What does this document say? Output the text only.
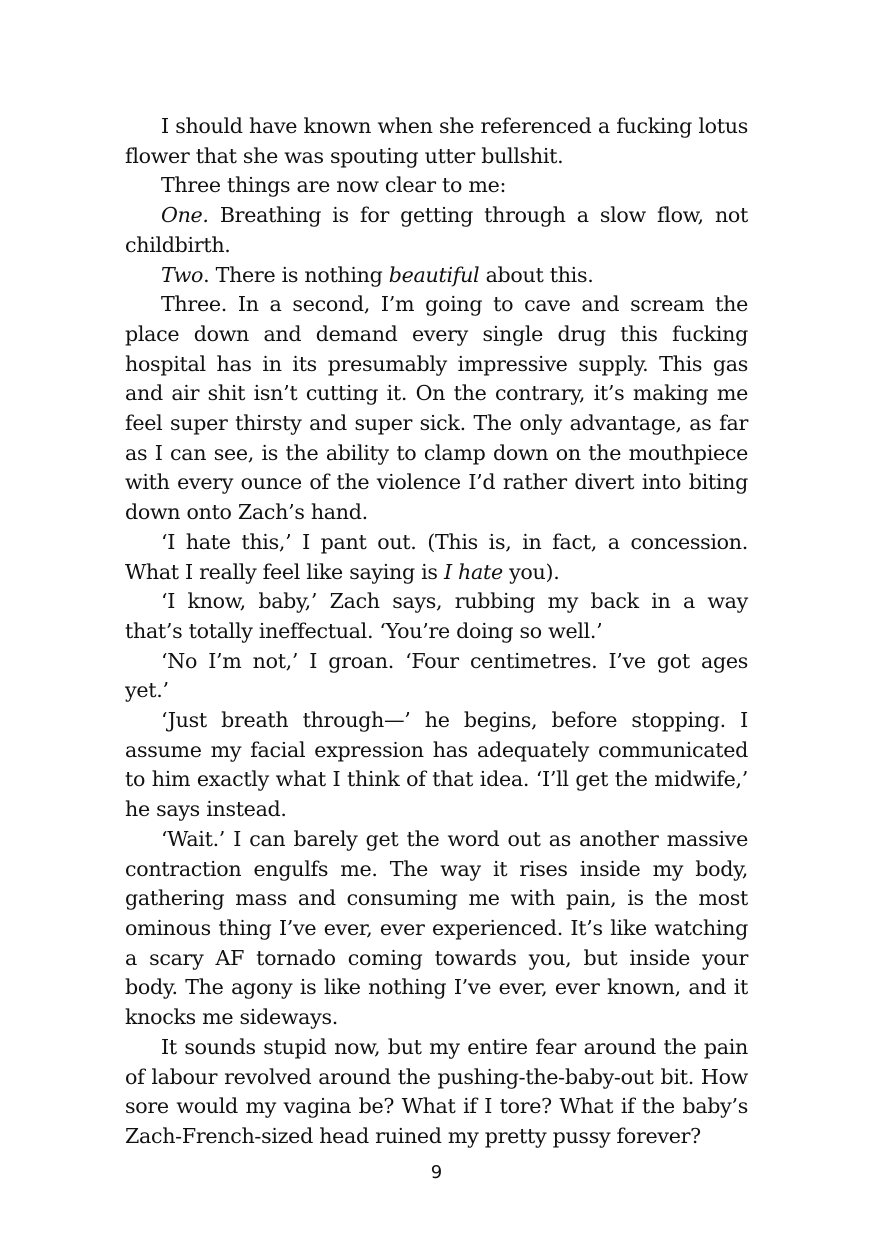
I should have known when she referenced a fucking lotus flower that she was spouting utter bullshit.

Three things are now clear to me:

One. Breathing is for getting through a slow flow, not childbirth.

Two. There is nothing beautiful about this.

Three. In a second, I’m going to cave and scream the place down and demand every single drug this fucking hospital has in its presumably impressive supply. This gas and air shit isn’t cutting it. On the contrary, it’s making me feel super thirsty and super sick. The only advantage, as far as I can see, is the ability to clamp down on the mouthpiece with every ounce of the violence I’d rather divert into biting down onto Zach’s hand.

‘I hate this,’ I pant out. (This is, in fact, a concession. What I really feel like saying is I hate you).

‘I know, baby,’ Zach says, rubbing my back in a way that’s totally ineffectual. ‘You’re doing so well.’

‘No I’m not,’ I groan. ‘Four centimetres. I’ve got ages yet.’

‘Just breath through—’ he begins, before stopping. I assume my facial expression has adequately communicated to him exactly what I think of that idea. ‘I’ll get the midwife,’ he says instead.

‘Wait.’ I can barely get the word out as another massive contraction engulfs me. The way it rises inside my body, gathering mass and consuming me with pain, is the most ominous thing I’ve ever, ever experienced. It’s like watching a scary AF tornado coming towards you, but inside your body. The agony is like nothing I’ve ever, ever known, and it knocks me sideways.

It sounds stupid now, but my entire fear around the pain of labour revolved around the pushing-the-baby-out bit. How sore would my vagina be? What if I tore? What if the baby’s Zach-French-sized head ruined my pretty pussy forever?

9
